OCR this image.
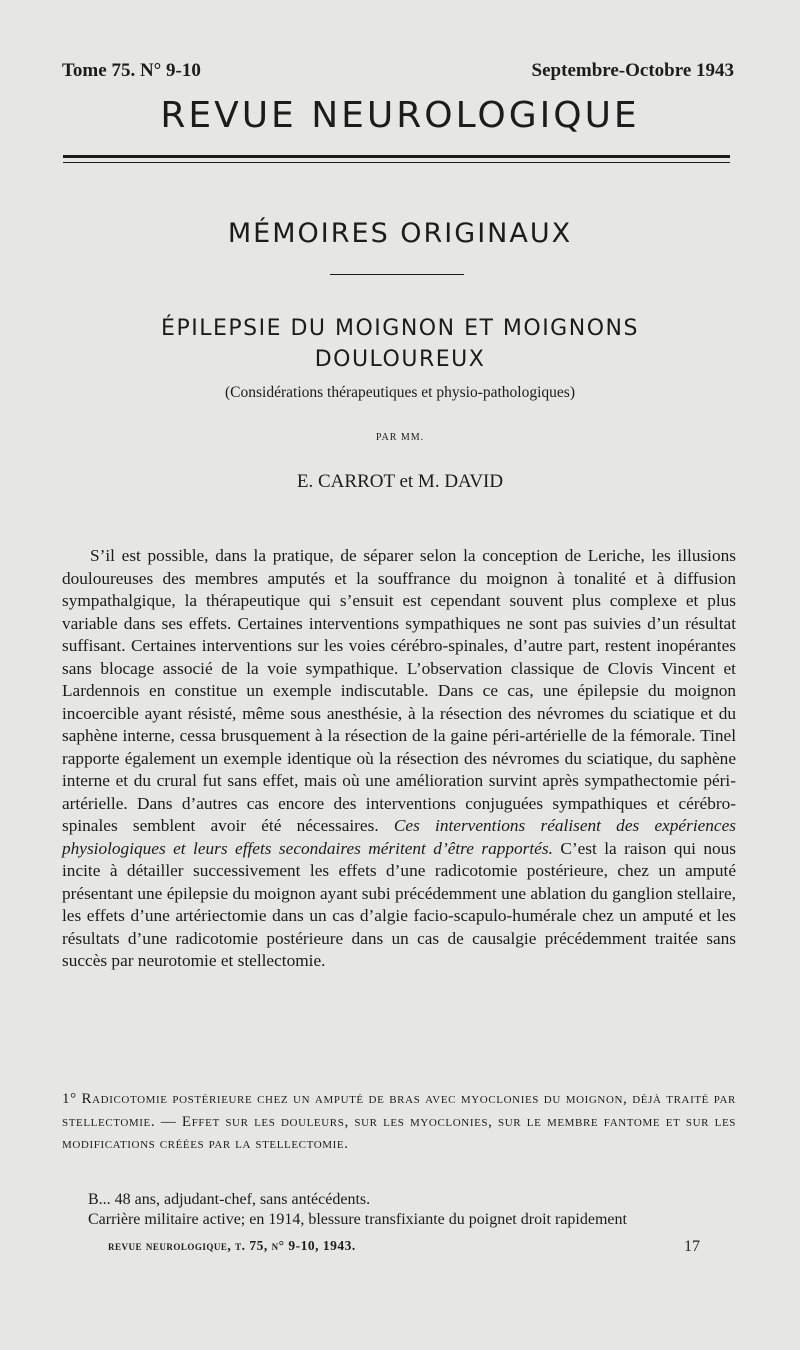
Tome 75. N° 9-10	Septembre-Octobre 1943
REVUE NEUROLOGIQUE
MÉMOIRES ORIGINAUX
ÉPILEPSIE DU MOIGNON ET MOIGNONS
DOULOUREUX
(Considérations thérapeutiques et physio-pathologiques)
PAR MM.
E. CARROT et M. DAVID

S’il est possible, dans la pratique, de séparer selon la conception de Leriche, les illusions douloureuses des membres amputés et la souffrance du moignon à tonalité et à diffusion sympathalgique, la thérapeutique qui s’ensuit est cependant souvent plus complexe et plus variable dans ses effets. Certaines interventions sympathiques ne sont pas suivies d’un résultat suffisant. Certaines interventions sur les voies cérébro-spinales, d’autre part, restent inopérantes sans blocage associé de la voie sympathique. L’observation classique de Clovis Vincent et Lardennois en constitue un exemple indiscutable. Dans ce cas, une épilepsie du moignon incoercible ayant résisté, même sous anesthésie, à la résection des névromes du sciatique et du saphène interne, cessa brusquement à la résection de la gaine péri-artérielle de la fémorale. Tinel rapporte également un exemple identique où la résection des névromes du sciatique, du saphène interne et du crural fut sans effet, mais où une amélioration survint après sympathectomie péri-artérielle. Dans d’autres cas encore des interventions conjuguées sympathiques et cérébro-spinales semblent avoir été nécessaires. Ces interventions réalisent des expériences physiologiques et leurs effets secondaires méritent d’être rapportés. C’est la raison qui nous incite à détailler successivement les effets d’une radicotomie postérieure, chez un amputé présentant une épilepsie du moignon ayant subi précédemment une ablation du ganglion stellaire, les effets d’une artériectomie dans un cas d’algie facio-scapulo-humérale chez un amputé et les résultats d’une radicotomie postérieure dans un cas de causalgie précédemment traitée sans succès par neurotomie et stellectomie.

1° Radicotomie postérieure chez un amputé de bras avec myoclonies du moignon, déjà traité par stellectomie. — Effet sur les douleurs, sur les myoclonies, sur le membre fantome et sur les modifications créées par la stellectomie.
B... 48 ans, adjudant-chef, sans antécédents.
Carrière militaire active; en 1914, blessure transfixiante du poignet droit rapidement
revue neurologique, t. 75, n° 9-10, 1943.	17
